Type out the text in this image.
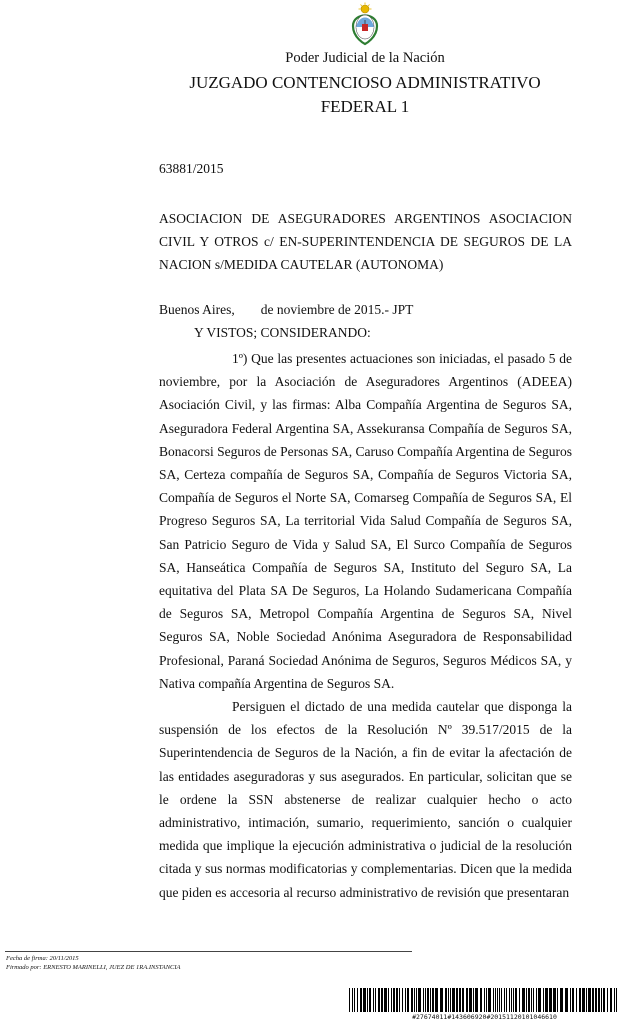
Poder Judicial de la Nación
JUZGADO CONTENCIOSO ADMINISTRATIVO
FEDERAL 1
63881/2015
ASOCIACION DE ASEGURADORES ARGENTINOS ASOCIACION CIVIL Y OTROS c/ EN-SUPERINTENDENCIA DE SEGUROS DE LA NACION s/MEDIDA CAUTELAR (AUTONOMA)
Buenos Aires, de noviembre de 2015.- JPT
Y VISTOS; CONSIDERANDO:

1º) Que las presentes actuaciones son iniciadas, el pasado 5 de noviembre, por la Asociación de Aseguradores Argentinos (ADEEA) Asociación Civil, y las firmas: Alba Compañía Argentina de Seguros SA, Aseguradora Federal Argentina SA, Assekuransa Compañía de Seguros SA, Bonacorsi Seguros de Personas SA, Caruso Compañía Argentina de Seguros SA, Certeza compañía de Seguros SA, Compañía de Seguros Victoria SA, Compañía de Seguros el Norte SA, Comarseg Compañía de Seguros SA, El Progreso Seguros SA, La territorial Vida Salud Compañía de Seguros SA, San Patricio Seguro de Vida y Salud SA, El Surco Compañía de Seguros SA, Hanseática Compañía de Seguros SA, Instituto del Seguro SA, La equitativa del Plata SA De Seguros, La Holando Sudamericana Compañía de Seguros SA, Metropol Compañía Argentina de Seguros SA, Nivel Seguros SA, Noble Sociedad Anónima Aseguradora de Responsabilidad Profesional, Paraná Sociedad Anónima de Seguros, Seguros Médicos SA, y Nativa compañía Argentina de Seguros SA.

Persiguen el dictado de una medida cautelar que disponga la suspensión de los efectos de la Resolución Nº 39.517/2015 de la Superintendencia de Seguros de la Nación, a fin de evitar la afectación de las entidades aseguradoras y sus asegurados. En particular, solicitan que se le ordene la SSN abstenerse de realizar cualquier hecho o acto administrativo, intimación, sumario, requerimiento, sanción o cualquier medida que implique la ejecución administrativa o judicial de la resolución citada y sus normas modificatorias y complementarias. Dicen que la medida que piden es accesoria al recurso administrativo de revisión que presentaran

Fecha de firma: 20/11/2015
Firmado por: ERNESTO MARINELLI, JUEZ DE 1RA.INSTANCIA
#27674011#143606920#20151120101046610
